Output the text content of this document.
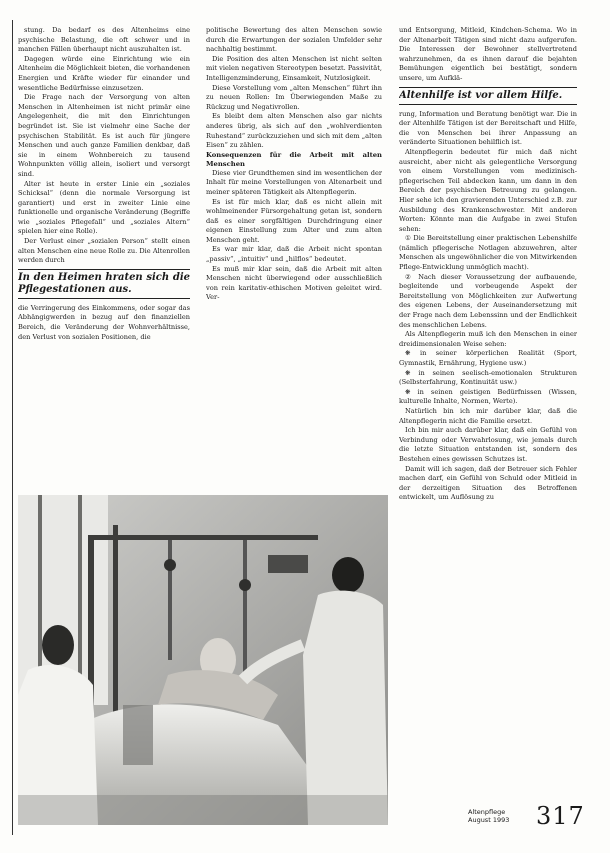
stung. Da bedarf es des Altenheims eine psychische Belastung, die oft schwer und in manchen Fällen überhaupt nicht auszuhalten ist.

Dagegen würde eine Einrichtung wie ein Altenheim die Möglichkeit bieten, die vorhandenen Energien und Kräfte wieder für einander und wesentliche Bedürfnisse einzusetzen.

Die Frage nach der Versorgung von alten Menschen in Altenheimen ist nicht primär eine Angelegenheit, die mit den Einrichtungen begründet ist. Sie ist vielmehr eine Sache der psychischen Stabilität. Es ist auch für jüngere Menschen und auch ganze Familien denkbar, daß sie in einem Wohnbereich zu tausend Wohnpunkten völlig allein, isoliert und versorgt sind.

Alter ist heute in erster Linie ein „soziales Schicksal“ (denn die normale Versorgung ist garantiert) und erst in zweiter Linie eine funktionelle und organische Veränderung (Begriffe wie „soziales Pflegefall“ und „soziales Altern“ spielen hier eine Rolle).

Der Verlust einer „sozialen Person“ stellt einen alten Menschen eine neue Rolle zu. Die Altenrollen werden durch

In den Heimen hraten sich die Pflegestationen aus.

die Verringerung des Einkommens, oder sogar das Abhängigwerden in bezug auf den finanziellen Bereich, die Veränderung der Wohnverhältnisse, den Verlust von sozialen Positionen, die

politische Bewertung des alten Menschen sowie durch die Erwartungen der sozialen Umfelder sehr nachhaltig bestimmt.

Die Position des alten Menschen ist nicht selten mit vielen negativen Stereotypen besetzt. Passivität, Intelligenzminderung, Einsamkeit, Nutzlosigkeit.

Diese Vorstellung vom „alten Menschen“ führt ihn zu neuen Rollen: Im Überwiegenden Maße zu Rückzug und Negativrollen.

Es bleibt dem alten Menschen also gar nichts anderes übrig, als sich auf den „wohlverdienten Ruhestand“ zurückzuziehen und sich mit dem „alten Eisen“ zu zählen.

Konsequenzen für die Arbeit mit alten Menschen

Diese vier Grundthemen sind im wesentlichen der Inhalt für meine Vorstellungen von Altenarbeit und meiner späteren Tätigkeit als Altenpflegerin.

Es ist für mich klar, daß es nicht allein mit wohlmeinender Fürsorgehaltung getan ist, sondern daß es einer sorgfältigen Durchdringung einer eigenen Einstellung zum Alter und zum alten Menschen geht.

Es war mir klar, daß die Arbeit nicht spontan „passiv“, „intuitiv“ und „hilflos“ bedeutet.

Es muß mir klar sein, daß die Arbeit mit alten Menschen nicht überwiegend oder ausschließlich von rein karitativ-ethischen Motiven geleitet wird. Ver-

und Entsorgung, Mitleid, Kindchen-Schema. Wo in der Altenarbeit Tätigen sind nicht dazu aufgerufen. Die Interessen der Bewohner stellvertretend wahrzunehmen, da es ihnen darauf die bejahten Bemühungen eigentlich bei bestätigt, sondern unsere, um Aufklä-

Altenhilfe ist vor allem Hilfe.

rung, Information und Beratung benötigt war. Die in der Altenhilfe Tätigen ist der Bereitschaft und Hilfe, die von Menschen bei ihrer Anpassung an veränderte Situationen behilflich ist.

Altenpflegerin bedeutet für mich daß nicht ausreicht, aber nicht als gelegentliche Versorgung von einem Vorstellungen vom medizinisch-pflegerischen Teil abdecken kann, um dann in den Bereich der psychischen Betreuung zu gelangen. Hier sehe ich den gravierenden Unterschied z.B. zur Ausbildung des Krankenschwester. Mit anderen Worten: Könnte man die Aufgabe in zwei Stufen sehen:

① Die Bereitstellung einer praktischen Lebenshilfe (nämlich pflegerische Notlagen abzuwehren, alter Menschen als ungewöhnlicher die von Mitwirkenden Pflege-Entwicklung unmöglich macht).

② Nach dieser Voraussetzung der aufbauende, begleitende und vorbeugende Aspekt der Bereitstellung von Möglichkeiten zur Aufwertung des eigenen Lebens, der Auseinandersetzung mit der Frage nach dem Lebenssinn und der Endlichkeit des menschlichen Lebens.

Als Altenpflegerin muß ich den Menschen in einer dreidimensionalen Weise sehen:

❋ in seiner körperlichen Realität (Sport, Gymnastik, Ernährung, Hygiene usw.)

❋ in seinen seelisch-emotionalen Strukturen (Selbsterfahrung, Kontinuität usw.)

❋ in seinen geistigen Bedürfnissen (Wissen, kulturelle Inhalte, Normen, Werte).

Natürlich bin ich mir darüber klar, daß die Altenpflegerin nicht die Familie ersetzt.

Ich bin mir auch darüber klar, daß ein Gefühl von Verbindung oder Verwahrlosung, wie jemals durch die letzte Situation entstanden ist, sondern des Bestehen eines gewissen Schutzes ist.

Damit will ich sagen, daß der Betreuer sich Fehler machen darf, ein Gefühl von Schuld oder Mitleid in der derzeitigen Situation des Betroffenen entwickelt, um Auflösung zu

Altenpflege August 1993	317
